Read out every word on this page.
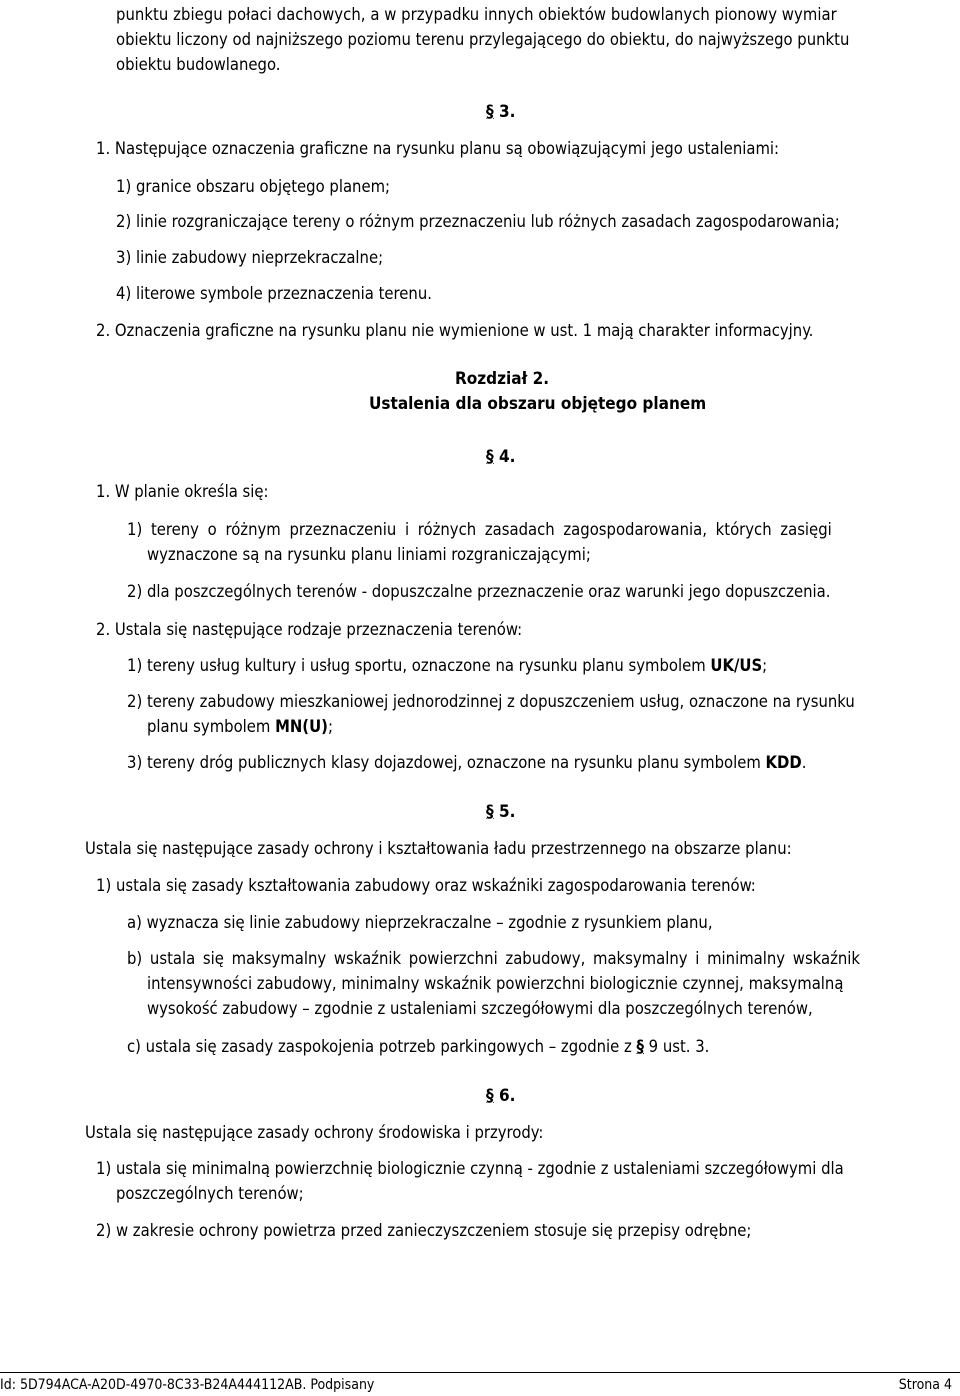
punktu zbiegu połaci dachowych, a w przypadku innych obiektów budowlanych pionowy wymiar
obiektu liczony od najniższego poziomu terenu przylegającego do obiektu, do najwyższego punktu
obiektu budowlanego.
§ 3.
1. Następujące oznaczenia graficzne na rysunku planu są obowiązującymi jego ustaleniami:
1) granice obszaru objętego planem;
2) linie rozgraniczające tereny o różnym przeznaczeniu lub różnych zasadach zagospodarowania;
3) linie zabudowy nieprzekraczalne;
4) literowe symbole przeznaczenia terenu.
2. Oznaczenia graficzne na rysunku planu nie wymienione w ust. 1 mają charakter informacyjny.
Rozdział 2.
Ustalenia dla obszaru objętego planem
§ 4.
1. W planie określa się:
1) tereny o różnym przeznaczeniu i różnych zasadach zagospodarowania, których zasięgi
wyznaczone są na rysunku planu liniami rozgraniczającymi;
2) dla poszczególnych terenów - dopuszczalne przeznaczenie oraz warunki jego dopuszczenia.
2. Ustala się następujące rodzaje przeznaczenia terenów:
1) tereny usług kultury i usług sportu, oznaczone na rysunku planu symbolem UK/US;
2) tereny zabudowy mieszkaniowej jednorodzinnej z dopuszczeniem usług, oznaczone na rysunku
planu symbolem MN(U);
3) tereny dróg publicznych klasy dojazdowej, oznaczone na rysunku planu symbolem KDD.
§ 5.
Ustala się następujące zasady ochrony i kształtowania ładu przestrzennego na obszarze planu:
1) ustala się zasady kształtowania zabudowy oraz wskaźniki zagospodarowania terenów:
a) wyznacza się linie zabudowy nieprzekraczalne – zgodnie z rysunkiem planu,
b) ustala się maksymalny wskaźnik powierzchni zabudowy, maksymalny i minimalny wskaźnik
intensywności zabudowy, minimalny wskaźnik powierzchni biologicznie czynnej, maksymalną
wysokość zabudowy – zgodnie z ustaleniami szczegółowymi dla poszczególnych terenów,
c) ustala się zasady zaspokojenia potrzeb parkingowych – zgodnie z § 9 ust. 3.
§ 6.
Ustala się następujące zasady ochrony środowiska i przyrody:
1) ustala się minimalną powierzchnię biologicznie czynną - zgodnie z ustaleniami szczegółowymi dla
poszczególnych terenów;
2) w zakresie ochrony powietrza przed zanieczyszczeniem stosuje się przepisy odrębne;
Id: 5D794ACA-A20D-4970-8C33-B24A444112AB. Podpisany	Strona 4
